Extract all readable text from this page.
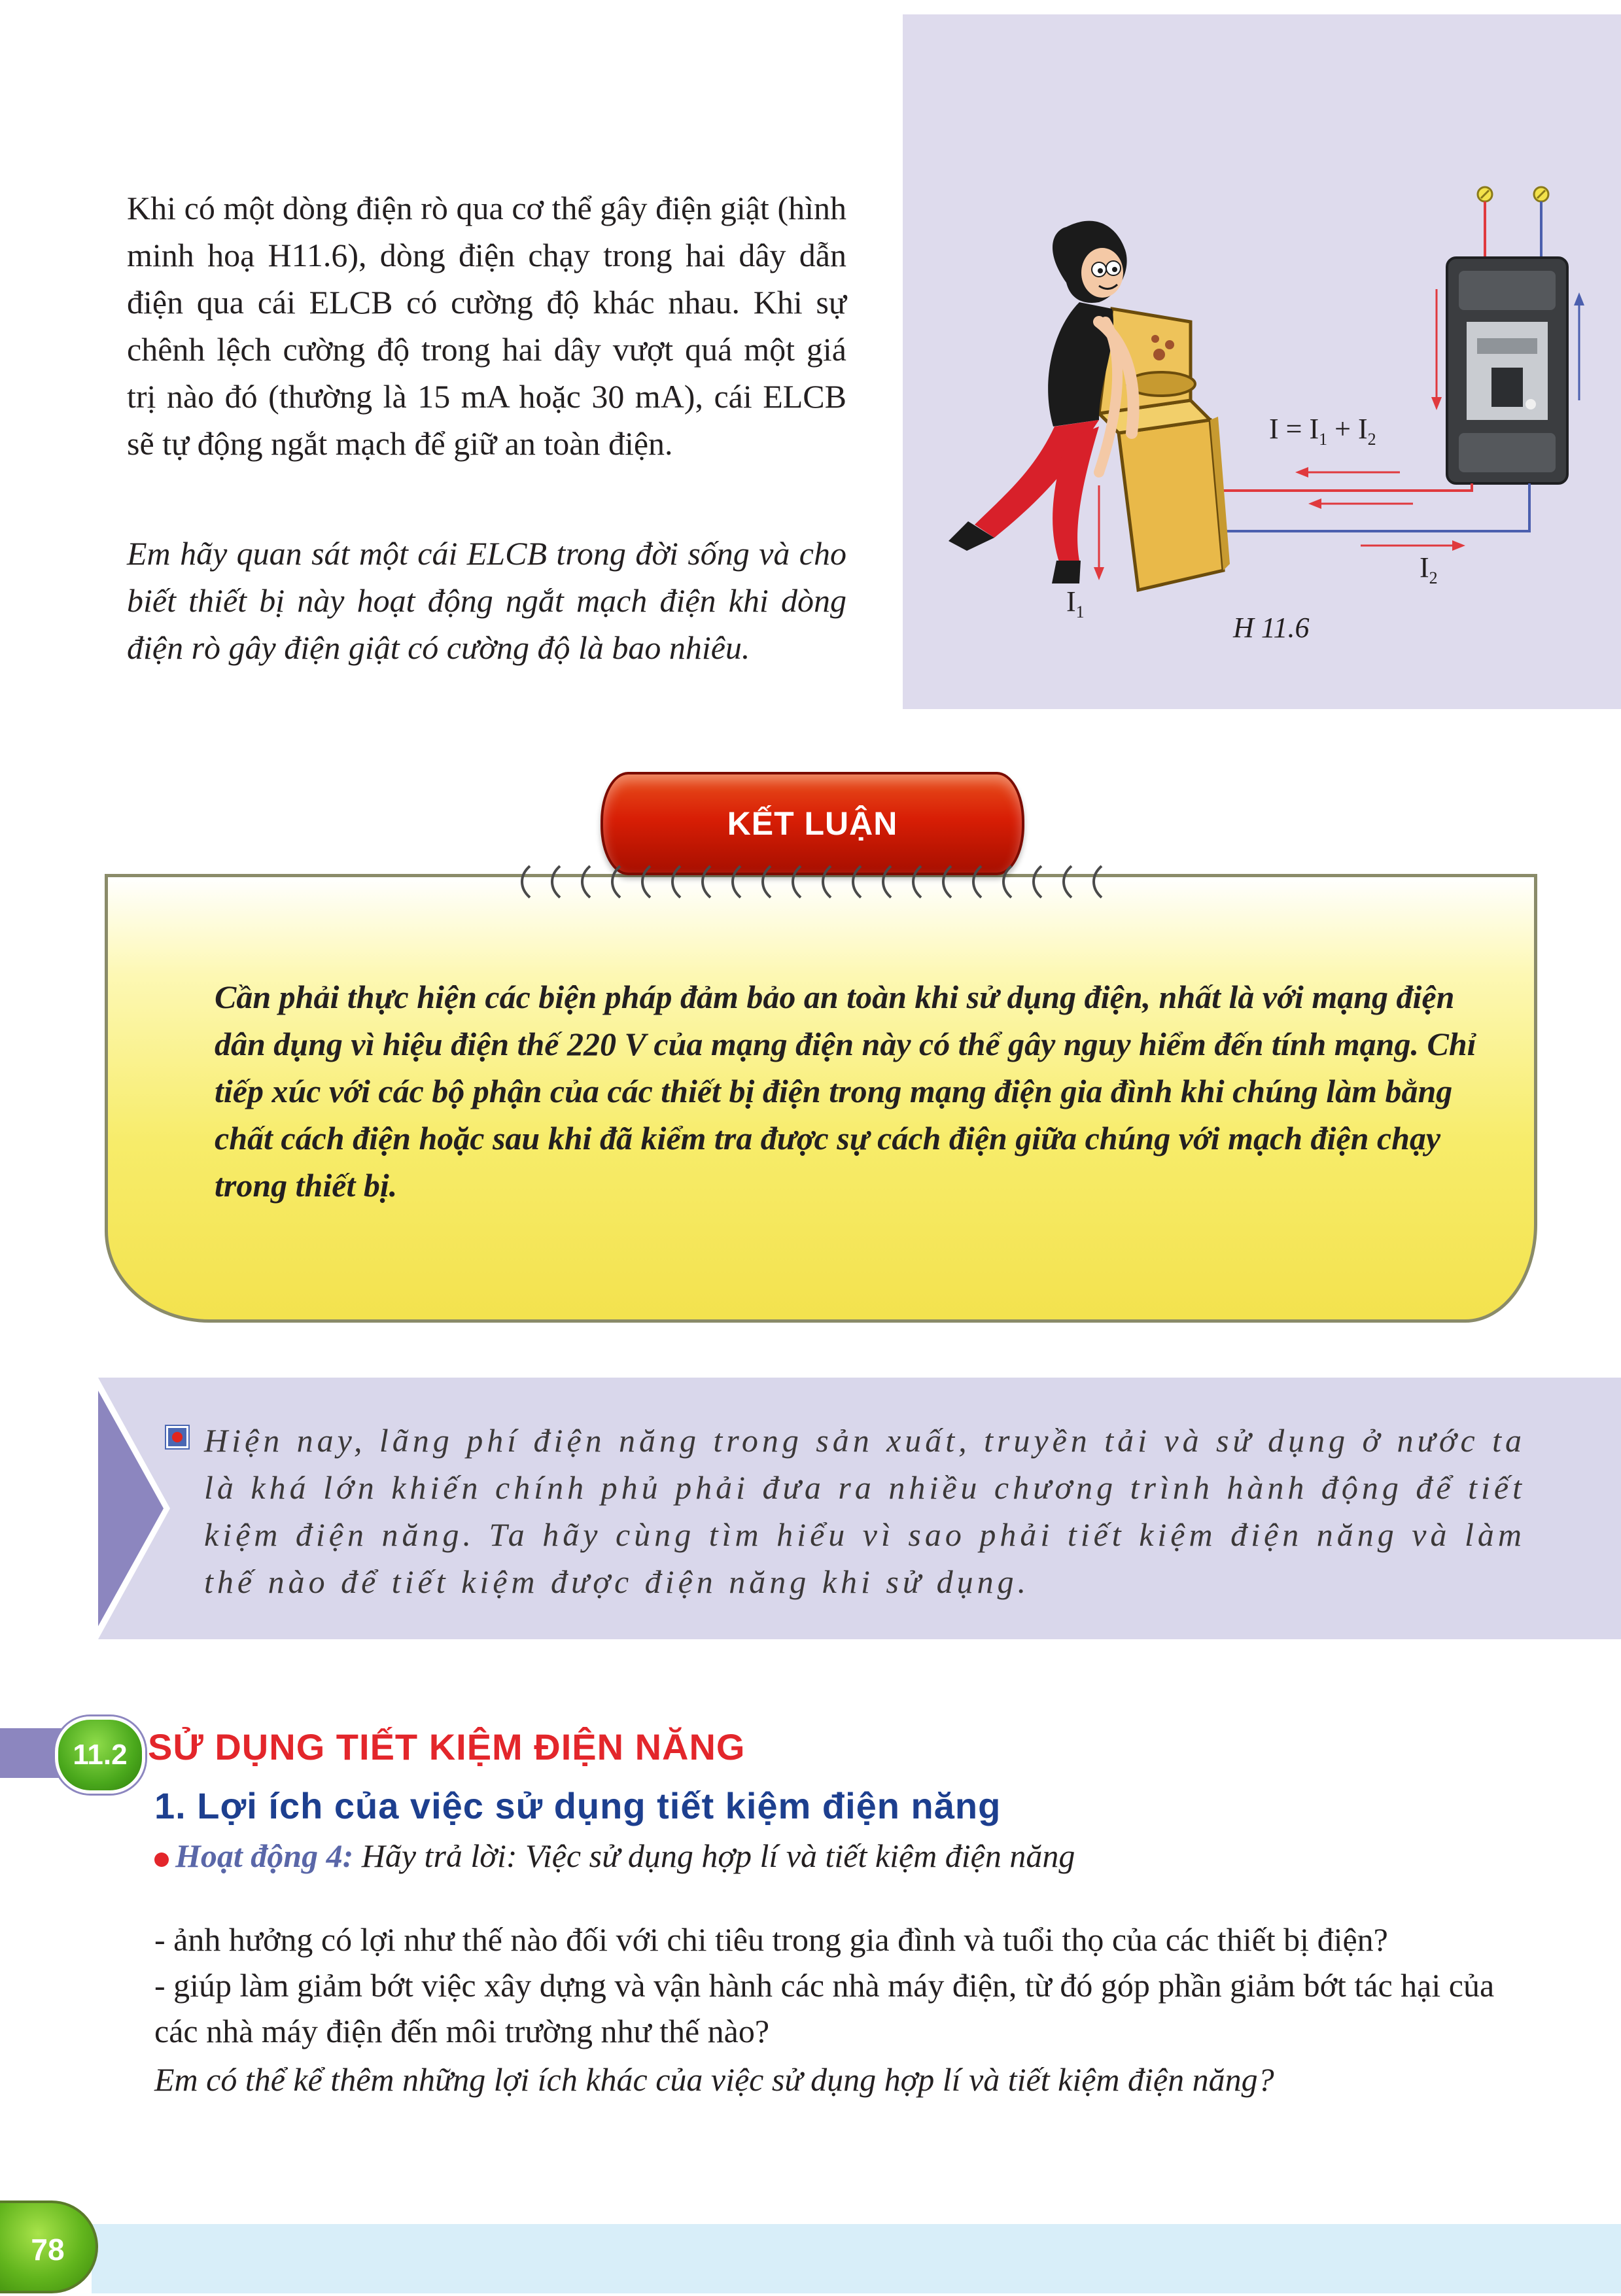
Khi có một dòng điện rò qua cơ thể gây điện giật (hình minh hoạ H11.6), dòng điện chạy trong hai dây dẫn điện qua cái ELCB có cường độ khác nhau. Khi sự chênh lệch cường độ trong hai dây vượt quá một giá trị nào đó (thường là 15 mA hoặc 30 mA), cái ELCB sẽ tự động ngắt mạch để giữ an toàn điện.

Em hãy quan sát một cái ELCB trong đời sống và cho biết thiết bị này hoạt động ngắt mạch điện khi dòng điện rò gây điện giật có cường độ là bao nhiêu.

$I = I_1 + I_2$
$I_2$
$I_1$	H 11.6
KẾT LUẬN

Cần phải thực hiện các biện pháp đảm bảo an toàn khi sử dụng điện, nhất là với mạng điện dân dụng vì hiệu điện thế 220 V của mạng điện này có thể gây nguy hiểm đến tính mạng. Chỉ tiếp xúc với các bộ phận của các thiết bị điện trong mạng điện gia đình khi chúng làm bằng chất cách điện hoặc sau khi đã kiểm tra được sự cách điện giữa chúng với mạch điện chạy trong thiết bị.

Hiện nay, lãng phí điện năng trong sản xuất, truyền tải và sử dụng ở nước ta là khá lớn khiến chính phủ phải đưa ra nhiều chương trình hành động để tiết kiệm điện năng. Ta hãy cùng tìm hiểu vì sao phải tiết kiệm điện năng và làm thế nào để tiết kiệm được điện năng khi sử dụng.

11.2 SỬ DỤNG TIẾT KIỆM ĐIỆN NĂNG
1. Lợi ích của việc sử dụng tiết kiệm điện năng

Hoạt động 4: Hãy trả lời: Việc sử dụng hợp lí và tiết kiệm điện năng

- ảnh hưởng có lợi như thế nào đối với chi tiêu trong gia đình và tuổi thọ của các thiết bị điện?

- giúp làm giảm bớt việc xây dựng và vận hành các nhà máy điện, từ đó góp phần giảm bớt tác hại của các nhà máy điện đến môi trường như thế nào?

Em có thể kể thêm những lợi ích khác của việc sử dụng hợp lí và tiết kiệm điện năng?

78
